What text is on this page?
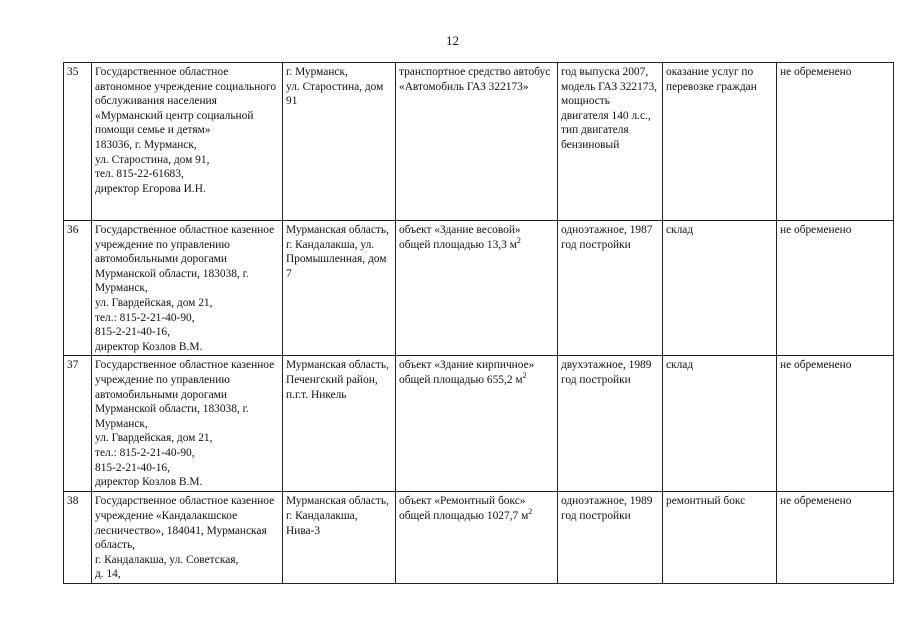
12
35	Государственное областное автономное учреждение социального обслуживания населения «Мурманский центр социальной помощи семье и детям»
183036, г. Мурманск,
ул. Старостина, дом 91,
тел. 815-22-61683,
директор Егорова И.Н.	г. Мурманск,
ул. Старостина, дом 91	транспортное средство автобус «Автомобиль ГАЗ 322173»	год выпуска 2007, модель ГАЗ 322173, мощность двигателя 140 л.с., тип двигателя бензиновый	оказание услуг по перевозке граждан	не обременено
36	Государственное областное казенное учреждение по управлению автомобильными дорогами Мурманской области, 183038, г. Мурманск,
ул. Гвардейская, дом 21,
тел.: 815-2-21-40-90,
815-2-21-40-16,
директор Козлов В.М.	Мурманская область,
г. Кандалакша, ул. Промышленная, дом 7	объект «Здание весовой» общей площадью 13,3 $м^2$	одноэтажное, 1987 год постройки	склад	не обременено
37	Государственное областное казенное учреждение по управлению автомобильными дорогами Мурманской области, 183038, г. Мурманск,
ул. Гвардейская, дом 21,
тел.: 815-2-21-40-90,
815-2-21-40-16,
директор Козлов В.М.	Мурманская область,
Печенгский район, п.г.т. Никель	объект «Здание кирпичное» общей площадью 655,2 $м^2$	двухэтажное, 1989 год постройки	склад	не обременено
38	Государственное областное казенное учреждение «Кандалакшское лесничество», 184041, Мурманская область,
г. Кандалакша, ул. Советская,
д. 14,	Мурманская область, г. Кандалакша,
Нива-3	объект «Ремонтный бокс» общей площадью 1027,7 $м^2$	одноэтажное, 1989 год постройки	ремонтный бокс	не обременено
